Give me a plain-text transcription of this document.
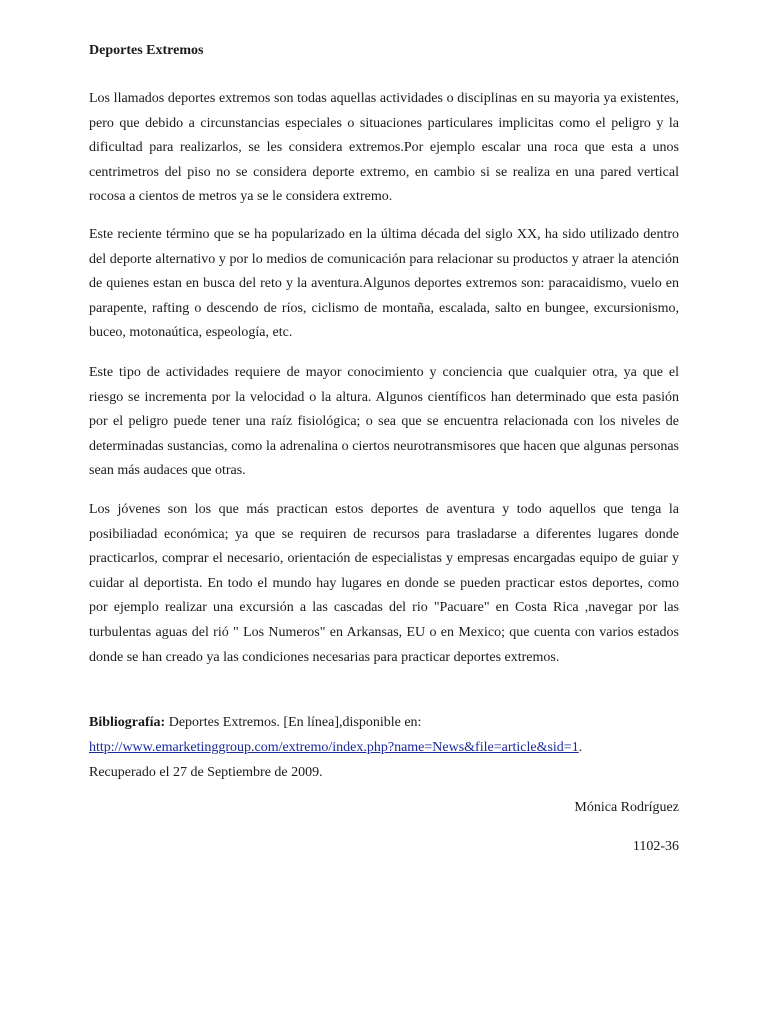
Deportes Extremos

Los llamados deportes extremos son todas aquellas actividades o disciplinas en su mayoria ya existentes, pero que debido a circunstancias especiales o situaciones particulares implicitas como el peligro y la dificultad para realizarlos, se les considera extremos.Por ejemplo escalar una roca que esta a unos centrimetros del piso no se considera deporte extremo, en cambio si se realiza en una pared vertical rocosa a cientos de metros ya se le considera extremo.

Este reciente término que se ha popularizado en la última década del siglo XX, ha sido utilizado dentro del deporte alternativo y por lo medios de comunicación para relacionar su productos y atraer la atención de quienes estan en busca del reto y la aventura.Algunos deportes extremos son: paracaidismo, vuelo en parapente, rafting o descendo de ríos, ciclismo de montaña, escalada, salto en bungee, excursionismo, buceo, motonaútica, espeología, etc.

Este tipo de actividades requiere de mayor conocimiento y conciencia que cualquier otra, ya que el riesgo se incrementa por la velocidad o la altura. Algunos científicos han determinado que esta pasión por el peligro puede tener una raíz fisiológica; o sea que se encuentra relacionada con los niveles de determinadas sustancias, como la adrenalina o ciertos neurotransmisores que hacen que algunas personas sean más audaces que otras.

Los jóvenes son los que más practican estos deportes de aventura y todo aquellos que tenga la posibiliadad económica; ya que se requiren de recursos para trasladarse a diferentes lugares donde practicarlos, comprar el necesario, orientación de especialistas y empresas encargadas equipo de guiar y cuidar al deportista. En todo el mundo hay lugares en donde se pueden practicar estos deportes, como por ejemplo realizar una excursión a las cascadas del rio "Pacuare" en Costa Rica ,navegar por las turbulentas aguas del rió " Los Numeros" en Arkansas, EU o en Mexico; que cuenta con varios estados donde se han creado ya las condiciones necesarias para practicar deportes extremos.

Bibliografía: Deportes Extremos. [En línea],disponible en:
http://www.emarketinggroup.com/extremo/index.php?name=News&file=article&sid=1.
Recuperado el 27 de Septiembre de 2009.

Mónica Rodríguez

1102-36
